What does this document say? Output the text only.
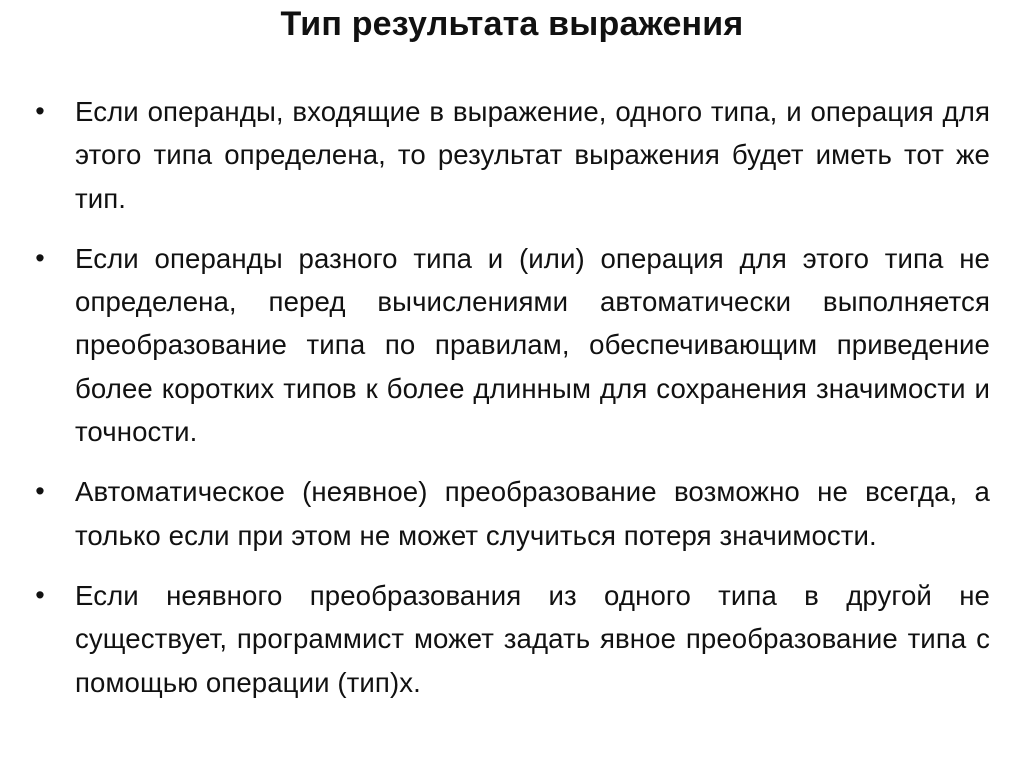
Тип результата выражения
• Если операнды, входящие в выражение, одного типа, и операция для этого типа определена, то результат выражения будет иметь тот же тип.
• Если операнды разного типа и (или) операция для этого типа не определена, перед вычислениями автоматически выполняется преобразование типа по правилам, обеспечивающим приведение более коротких типов к более длинным для сохранения значимости и точности.
• Автоматическое (неявное) преобразование возможно не всегда, а только если при этом не может случиться потеря значимости.
• Если неявного преобразования из одного типа в другой не существует, программист может задать явное преобразование типа с помощью операции (тип)x.
